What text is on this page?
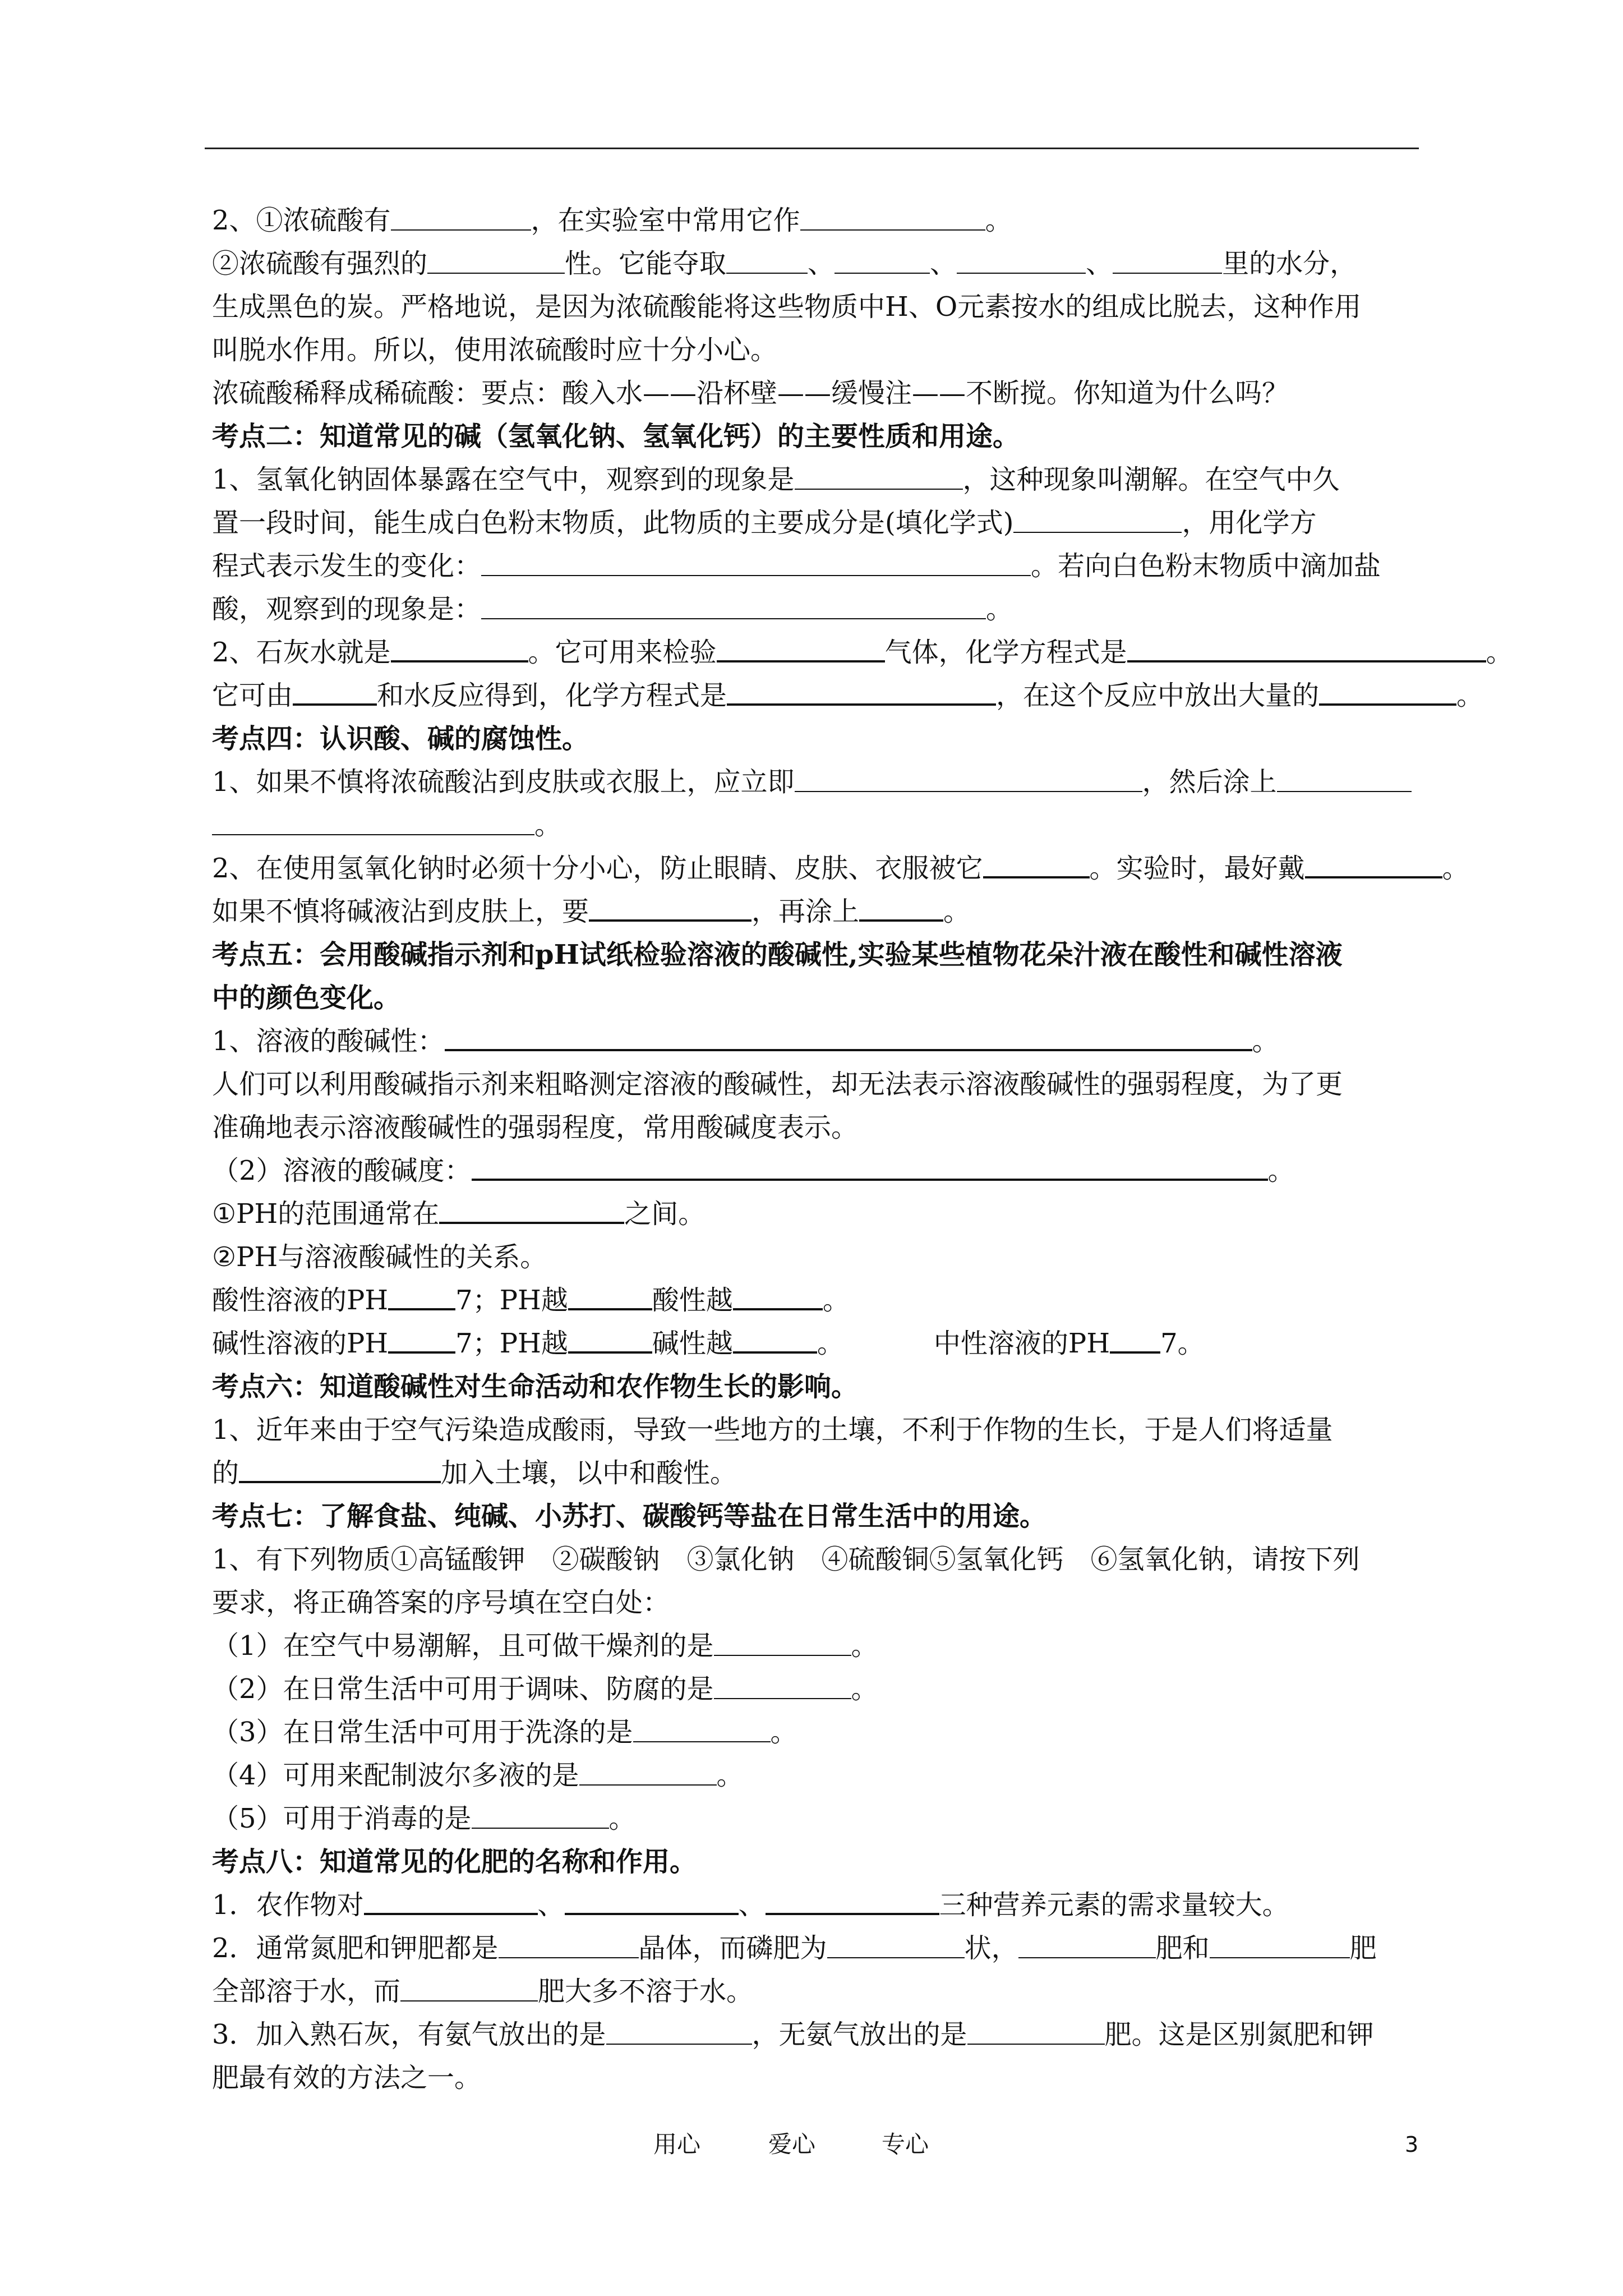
2、①浓硫酸有	，在实验室中常用它作	。
②浓硫酸有强烈的	性。它能夺取	、	、	、	里的水分，
生成黑色的炭。严格地说，是因为浓硫酸能将这些物质中H、O元素按水的组成比脱去，这种作用
叫脱水作用。所以，使用浓硫酸时应十分小心。
浓硫酸稀释成稀硫酸：要点：酸入水——沿杯壁——缓慢注——不断搅。你知道为什么吗？
考点二：知道常见的碱（氢氧化钠、氢氧化钙）的主要性质和用途。
1、氢氧化钠固体暴露在空气中，观察到的现象是	，这种现象叫潮解。在空气中久
置一段时间，能生成白色粉末物质，此物质的主要成分是(填化学式)	，用化学方
程式表示发生的变化：	。若向白色粉末物质中滴加盐
酸，观察到的现象是：	。
2、石灰水就是	。它可用来检验	气体，化学方程式是	。
它可由	和水反应得到，化学方程式是	，在这个反应中放出大量的	。
考点四：认识酸、碱的腐蚀性。
1、如果不慎将浓硫酸沾到皮肤或衣服上，应立即	，然后涂上
。
2、在使用氢氧化钠时必须十分小心，防止眼睛、皮肤、衣服被它	。实验时，最好戴	。
如果不慎将碱液沾到皮肤上，要	，再涂上	。
考点五：会用酸碱指示剂和pH试纸检验溶液的酸碱性,实验某些植物花朵汁液在酸性和碱性溶液
中的颜色变化。
1、溶液的酸碱性：	。
人们可以利用酸碱指示剂来粗略测定溶液的酸碱性，却无法表示溶液酸碱性的强弱程度，为了更
准确地表示溶液酸碱性的强弱程度，常用酸碱度表示。
（2）溶液的酸碱度：	。
①PH的范围通常在	之间。
②PH与溶液酸碱性的关系。
酸性溶液的PH	7；PH越	酸性越	。
碱性溶液的PH	7；PH越	碱性越	。	中性溶液的PH 7。
考点六：知道酸碱性对生命活动和农作物生长的影响。
1、近年来由于空气污染造成酸雨，导致一些地方的土壤，不利于作物的生长，于是人们将适量
的	加入土壤，以中和酸性。
考点七：了解食盐、纯碱、小苏打、碳酸钙等盐在日常生活中的用途。
1、有下列物质①高锰酸钾　②碳酸钠　③氯化钠　④硫酸铜⑤氢氧化钙　⑥氢氧化钠，请按下列
要求，将正确答案的序号填在空白处：
（1）在空气中易潮解，且可做干燥剂的是	。
（2）在日常生活中可用于调味、防腐的是	。
（3）在日常生活中可用于洗涤的是	。
（4）可用来配制波尔多液的是	。
（5）可用于消毒的是	。
考点八：知道常见的化肥的名称和作用。
1．农作物对	、	、	三种营养元素的需求量较大。
2．通常氮肥和钾肥都是	晶体，而磷肥为	状，	肥和	肥
全部溶于水，而	肥大多不溶于水。
3．加入熟石灰，有氨气放出的是	，无氨气放出的是	肥。这是区别氮肥和钾
肥最有效的方法之一。
用心	爱心	专心	3
